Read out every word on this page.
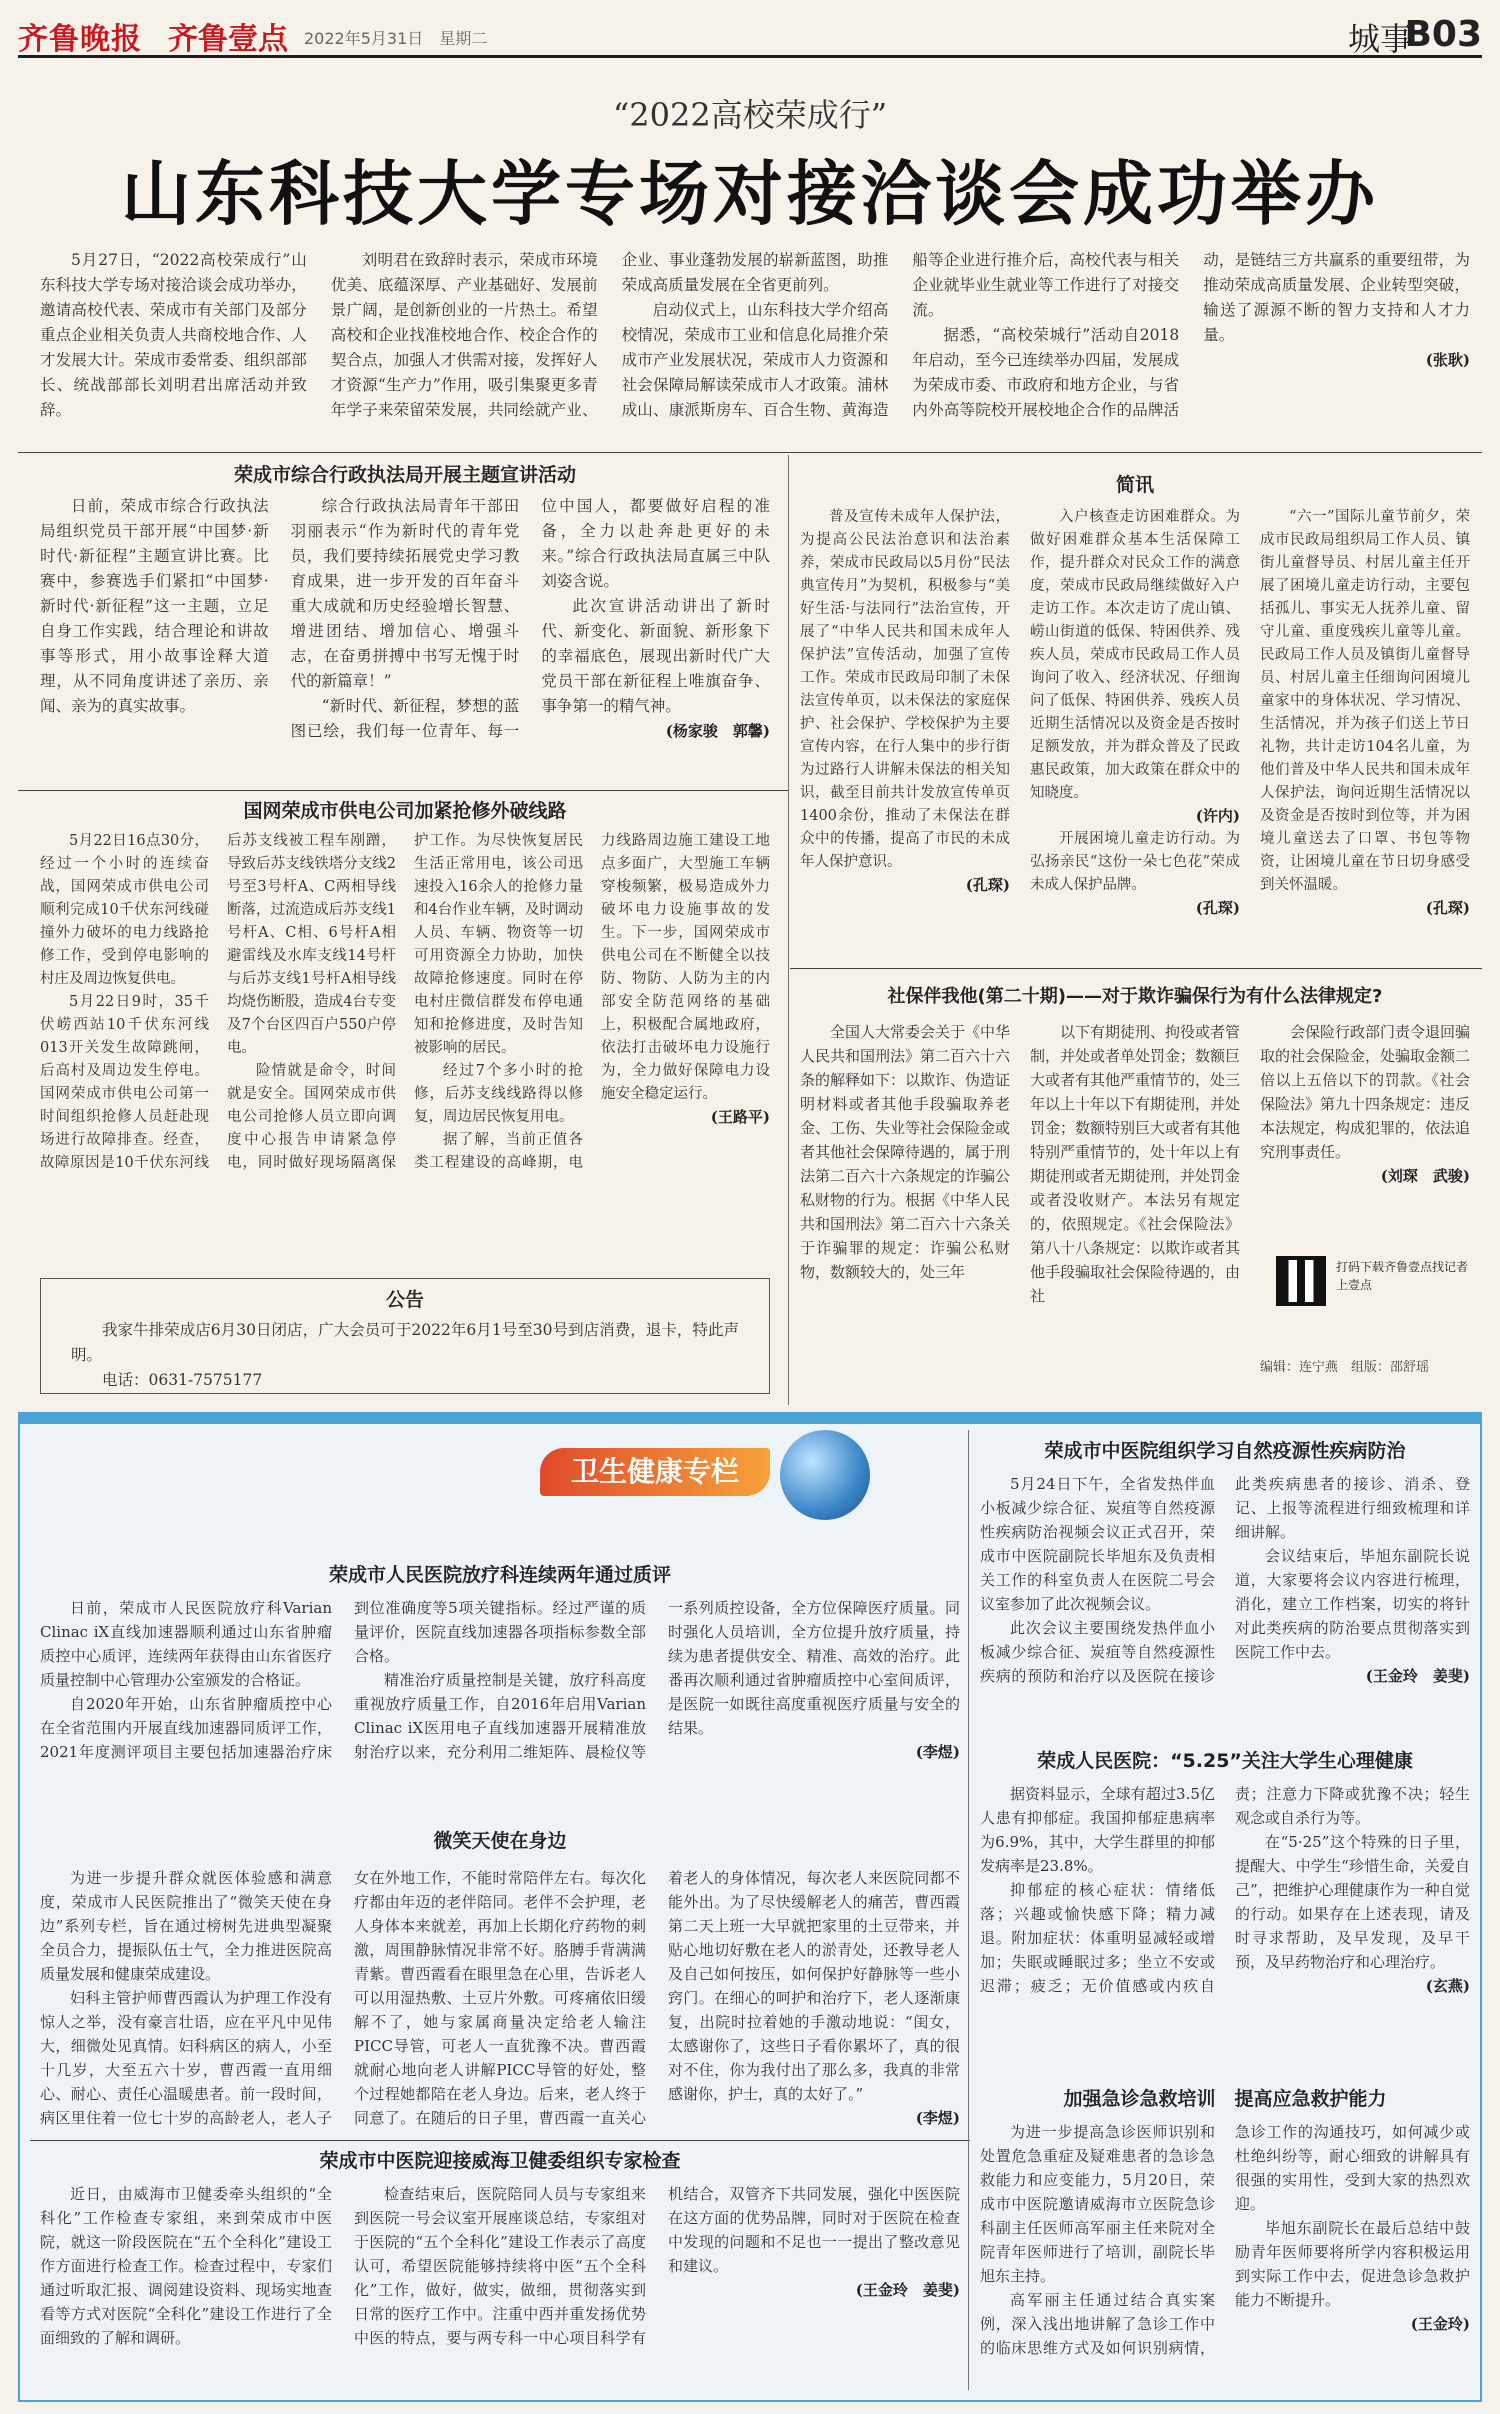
齐鲁晚报 齐鲁壹点 2022年5月31日　星期二	城事
B03
“2022高校荣成行”
山东科技大学专场对接洽谈会成功举办

5月27日，“2022高校荣成行”山东科技大学专场对接洽谈会成功举办，邀请高校代表、荣成市有关部门及部分重点企业相关负责人共商校地合作、人才发展大计。荣成市委常委、组织部部长、统战部部长刘明君出席活动并致辞。

刘明君在致辞时表示，荣成市环境优美、底蕴深厚、产业基础好、发展前景广阔，是创新创业的一片热土。希望高校和企业找准校地合作、校企合作的契合点，加强人才供需对接，发挥好人才资源“生产力”作用，吸引集聚更多青年学子来荣留荣发展，共同绘就产业、企业、事业蓬勃发展的崭新蓝图，助推荣成高质量发展在全省更前列。

启动仪式上，山东科技大学介绍高校情况，荣成市工业和信息化局推介荣成市产业发展状况，荣成市人力资源和社会保障局解读荣成市人才政策。浦林成山、康派斯房车、百合生物、黄海造船等企业进行推介后，高校代表与相关企业就毕业生就业等工作进行了对接交流。

据悉，“高校荣城行”活动自2018年启动，至今已连续举办四届，发展成为荣成市委、市政府和地方企业，与省内外高等院校开展校地企合作的品牌活动，是链结三方共赢系的重要纽带，为推动荣成高质量发展、企业转型突破，输送了源源不断的智力支持和人才力量。

(张耿)
荣成市综合行政执法局开展主题宣讲活动

日前，荣成市综合行政执法局组织党员干部开展“中国梦·新时代·新征程”主题宣讲比赛。比赛中，参赛选手们紧扣“中国梦·新时代·新征程”这一主题，立足自身工作实践，结合理论和讲故事等形式，用小故事诠释大道理，从不同角度讲述了亲历、亲闻、亲为的真实故事。

综合行政执法局青年干部田羽丽表示“作为新时代的青年党员，我们要持续拓展党史学习教育成果，进一步开发的百年奋斗重大成就和历史经验增长智慧、增进团结、增加信心、增强斗志，在奋勇拼搏中书写无愧于时代的新篇章！”

“新时代、新征程，梦想的蓝图已绘，我们每一位青年、每一位中国人，都要做好启程的准备，全力以赴奔赴更好的未来。”综合行政执法局直属三中队刘姿含说。

此次宣讲活动讲出了新时代、新变化、新面貌、新形象下的幸福底色，展现出新时代广大党员干部在新征程上唯旗奋争、事争第一的精气神。

(杨家骏　郭馨)
国网荣成市供电公司加紧抢修外破线路

5月22日16点30分，经过一个小时的连续奋战，国网荣成市供电公司顺利完成10千伏东河线碰撞外力破坏的电力线路抢修工作，受到停电影响的村庄及周边恢复供电。

5月22日9时，35千伏崂西站10千伏东河线013开关发生故障跳闸，后高村及周边发生停电。国网荣成市供电公司第一时间组织抢修人员赶赴现场进行故障排查。经查，故障原因是10千伏东河线后苏支线被工程车剐蹭，导致后苏支线铁塔分支线2号至3号杆A、C两相导线断落，过流造成后苏支线1号杆A、C相、6号杆A相避雷线及水库支线14号杆与后苏支线1号杆A相导线均烧伤断股，造成4台专变及7个台区四百户550户停电。

险情就是命令，时间就是安全。国网荣成市供电公司抢修人员立即向调度中心报告申请紧急停电，同时做好现场隔离保护工作。为尽快恢复居民生活正常用电，该公司迅速投入16余人的抢修力量和4台作业车辆，及时调动人员、车辆、物资等一切可用资源全力协助，加快故障抢修速度。同时在停电村庄微信群发布停电通知和抢修进度，及时告知被影响的居民。

经过7个多小时的抢修，后苏支线线路得以修复，周边居民恢复用电。

据了解，当前正值各类工程建设的高峰期，电力线路周边施工建设工地点多面广，大型施工车辆穿梭频繁，极易造成外力破坏电力设施事故的发生。下一步，国网荣成市供电公司在不断健全以技防、物防、人防为主的内部安全防范网络的基础上，积极配合属地政府，依法打击破坏电力设施行为，全力做好保障电力设施安全稳定运行。

(王路平)
公告

我家牛排荣成店6月30日闭店，广大会员可于2022年6月1号至30号到店消费，退卡，特此声明。

电话：0631-7575177

简讯

普及宣传未成年人保护法，为提高公民法治意识和法治素养，荣成市民政局以5月份“民法典宣传月”为契机，积极参与“美好生活·与法同行”法治宣传，开展了“中华人民共和国未成年人保护法”宣传活动，加强了宣传工作。荣成市民政局印制了未保法宣传单页，以未保法的家庭保护、社会保护、学校保护为主要宣传内容，在行人集中的步行街为过路行人讲解未保法的相关知识，截至目前共计发放宣传单页1400余份，推动了未保法在群众中的传播，提高了市民的未成年人保护意识。

(孔琛)

入户核查走访困难群众。为做好困难群众基本生活保障工作，提升群众对民众工作的满意度，荣成市民政局继续做好入户走访工作。本次走访了虎山镇、崂山街道的低保、特困供养、残疾人员，荣成市民政局工作人员询问了收入、经济状况、仔细询问了低保、特困供养、残疾人员近期生活情况以及资金是否按时足额发放，并为群众普及了民政惠民政策，加大政策在群众中的知晓度。

(许内)

开展困境儿童走访行动。为弘扬亲民“这份一朵七色花”荣成未成人保护品牌。

(孔琛)

“六一”国际儿童节前夕，荣成市民政局组织局工作人员、镇街儿童督导员、村居儿童主任开展了困境儿童走访行动，主要包括孤儿、事实无人抚养儿童、留守儿童、重度残疾儿童等儿童。民政局工作人员及镇街儿童督导员、村居儿童主任细询问困境儿童家中的身体状况、学习情况、生活情况，并为孩子们送上节日礼物，共计走访104名儿童，为他们普及中华人民共和国未成年人保护法，询问近期生活情况以及资金是否按时到位等，并为困境儿童送去了口罩、书包等物资，让困境儿童在节日切身感受到关怀温暖。

(孔琛)
社保伴我他(第二十期)——对于欺诈骗保行为有什么法律规定?

全国人大常委会关于《中华人民共和国刑法》第二百六十六条的解释如下：以欺诈、伪造证明材料或者其他手段骗取养老金、工伤、失业等社会保险金或者其他社会保障待遇的，属于刑法第二百六十六条规定的诈骗公私财物的行为。根据《中华人民共和国刑法》第二百六十六条关于诈骗罪的规定：诈骗公私财物，数额较大的，处三年

以下有期徒刑、拘役或者管制，并处或者单处罚金；数额巨大或者有其他严重情节的，处三年以上十年以下有期徒刑，并处罚金；数额特别巨大或者有其他特别严重情节的，处十年以上有期徒刑或者无期徒刑，并处罚金或者没收财产。本法另有规定的，依照规定。《社会保险法》第八十八条规定：以欺诈或者其他手段骗取社会保险待遇的，由社

会保险行政部门责令退回骗取的社会保险金，处骗取金额二倍以上五倍以下的罚款。《社会保险法》第九十四条规定：违反本法规定，构成犯罪的，依法追究刑事责任。

(刘琛　武骏)
打码下载齐鲁壹点找记者　上壹点
编辑：连宁燕　组版：邵舒瑶
卫生健康专栏
荣成市人民医院放疗科连续两年通过质评

日前，荣成市人民医院放疗科Varian Clinac iX直线加速器顺利通过山东省肿瘤质控中心质评，连续两年获得由山东省医疗质量控制中心管理办公室颁发的合格证。

自2020年开始，山东省肿瘤质控中心在全省范围内开展直线加速器同质评工作，2021年度测评项目主要包括加速器治疗床到位准确度等5项关键指标。经过严谨的质量评价，医院直线加速器各项指标参数全部合格。

精准治疗质量控制是关键，放疗科高度重视放疗质量工作，自2016年启用Varian Clinac iX医用电子直线加速器开展精准放射治疗以来，充分利用二维矩阵、晨检仪等一系列质控设备，全方位保障医疗质量。同时强化人员培训，全方位提升放疗质量，持续为患者提供安全、精准、高效的治疗。此番再次顺利通过省肿瘤质控中心室间质评，是医院一如既往高度重视医疗质量与安全的结果。

(李煜)
微笑天使在身边

为进一步提升群众就医体验感和满意度，荣成市人民医院推出了“微笑天使在身边”系列专栏，旨在通过榜树先进典型凝聚全员合力，提振队伍士气，全力推进医院高质量发展和健康荣成建设。

妇科主管护师曹西霞认为护理工作没有惊人之举，没有豪言壮语，应在平凡中见伟大，细微处见真情。妇科病区的病人，小至十几岁，大至五六十岁，曹西霞一直用细心、耐心、责任心温暖患者。前一段时间，病区里住着一位七十岁的高龄老人，老人子女在外地工作，不能时常陪伴左右。每次化疗都由年迈的老伴陪同。老伴不会护理，老人身体本来就差，再加上长期化疗药物的刺激，周围静脉情况非常不好。胳膊手背满满青紫。曹西霞看在眼里急在心里，告诉老人可以用湿热敷、土豆片外敷。可疼痛依旧缓解不了，她与家属商量决定给老人输注PICC导管，可老人一直犹豫不决。曹西霞就耐心地向老人讲解PICC导管的好处，整个过程她都陪在老人身边。后来，老人终于同意了。在随后的日子里，曹西霞一直关心着老人的身体情况，每次老人来医院同都不能外出。为了尽快缓解老人的痛苦，曹西霞第二天上班一大早就把家里的土豆带来，并贴心地切好敷在老人的淤青处，还教导老人及自己如何按压，如何保护好静脉等一些小窍门。在细心的呵护和治疗下，老人逐渐康复，出院时拉着她的手激动地说：“闺女，太感谢你了，这些日子看你累坏了，真的很对不住，你为我付出了那么多，我真的非常感谢你，护士，真的太好了。”

(李煜)
荣成市中医院迎接威海卫健委组织专家检查

近日，由威海市卫健委牵头组织的“全科化”工作检查专家组，来到荣成市中医院，就这一阶段医院在“五个全科化”建设工作方面进行检查工作。检查过程中，专家们通过听取汇报、调阅建设资料、现场实地查看等方式对医院“全科化”建设工作进行了全面细致的了解和调研。

检查结束后，医院陪同人员与专家组来到医院一号会议室开展座谈总结，专家组对于医院的“五个全科化”建设工作表示了高度认可，希望医院能够持续将中医“五个全科化”工作，做好，做实，做细，贯彻落实到日常的医疗工作中。注重中西并重发扬优势中医的特点，要与两专科一中心项目科学有机结合，双管齐下共同发展，强化中医医院在这方面的优势品牌，同时对于医院在检查中发现的问题和不足也一一提出了整改意见和建议。

(王金玲　姜斐)
荣成市中医院组织学习自然疫源性疾病防治

5月24日下午，全省发热伴血小板减少综合征、炭疽等自然疫源性疾病防治视频会议正式召开，荣成市中医院副院长毕旭东及负责相关工作的科室负责人在医院二号会议室参加了此次视频会议。

此次会议主要围绕发热伴血小板减少综合征、炭疽等自然疫源性疾病的预防和治疗以及医院在接诊此类疾病患者的接诊、消杀、登记、上报等流程进行细致梳理和详细讲解。

会议结束后，毕旭东副院长说道，大家要将会议内容进行梳理，消化，建立工作档案，切实的将针对此类疾病的防治要点贯彻落实到医院工作中去。

(王金玲　姜斐)
荣成人民医院：“5.25”关注大学生心理健康

据资料显示，全球有超过3.5亿人患有抑郁症。我国抑郁症患病率为6.9%，其中，大学生群里的抑郁发病率是23.8%。

抑郁症的核心症状：情绪低落；兴趣或愉快感下降；精力减退。附加症状：体重明显减轻或增加；失眠或睡眠过多；坐立不安或迟滞；疲乏；无价值感或内疚自责；注意力下降或犹豫不决；轻生观念或自杀行为等。

在“5·25”这个特殊的日子里，提醒大、中学生“珍惜生命，关爱自己”，把维护心理健康作为一种自觉的行动。如果存在上述表现，请及时寻求帮助，及早发现，及早干预，及早药物治疗和心理治疗。

(玄燕)
加强急诊急救培训　提高应急救护能力

为进一步提高急诊医师识别和处置危急重症及疑难患者的急诊急救能力和应变能力，5月20日，荣成市中医院邀请威海市立医院急诊科副主任医师高军丽主任来院对全院青年医师进行了培训，副院长毕旭东主持。

高军丽主任通过结合真实案例，深入浅出地讲解了急诊工作中的临床思维方式及如何识别病情，急诊工作的沟通技巧，如何减少或杜绝纠纷等，耐心细致的讲解具有很强的实用性，受到大家的热烈欢迎。

毕旭东副院长在最后总结中鼓励青年医师要将所学内容积极运用到实际工作中去，促进急诊急救护能力不断提升。

(王金玲)
